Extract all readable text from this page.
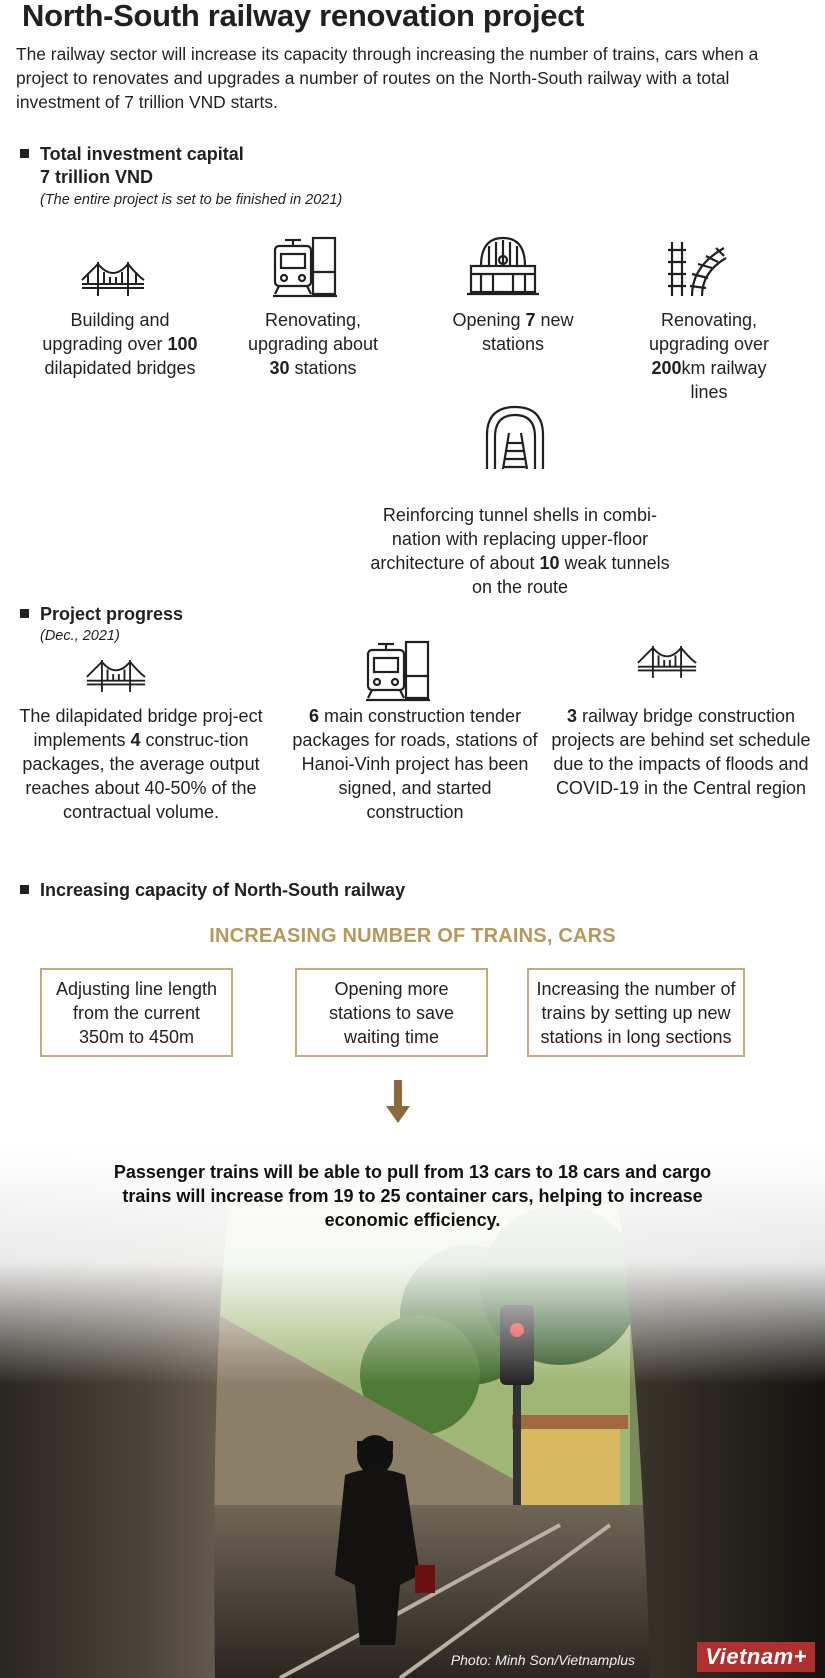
North-South railway renovation project
The railway sector will increase its capacity through increasing the number of trains, cars when a project to renovates and upgrades a number of routes on the North-South railway with a total investment of 7 trillion VND starts.
Total investment capital
7 trillion VND
(The entire project is set to be finished in 2021)
Building and upgrading over 100 dilapidated bridges
Renovating, upgrading about 30 stations
Opening 7 new stations
Renovating, upgrading over 200km railway lines
Reinforcing tunnel shells in combi-nation with replacing upper-floor architecture of about 10 weak tunnels on the route
Project progress
(Dec., 2021)
The dilapidated bridge proj-ect implements 4 construc-tion packages, the average output reaches about 40-50% of the contractual volume.
6 main construction tender packages for roads, stations of Hanoi-Vinh project has been signed, and started construction
3 railway bridge construction projects are behind set schedule due to the impacts of floods and COVID-19 in the Central region
Increasing capacity of North-South railway
INCREASING NUMBER OF TRAINS, CARS
Adjusting line length from the current 350m to 450m
Opening more stations to save waiting time
Increasing the number of trains by setting up new stations in long sections
Passenger trains will be able to pull from 13 cars to 18 cars and cargo trains will increase from 19 to 25 container cars, helping to increase economic efficiency.
Photo: Minh Son/Vietnamplus	Vietnam+
